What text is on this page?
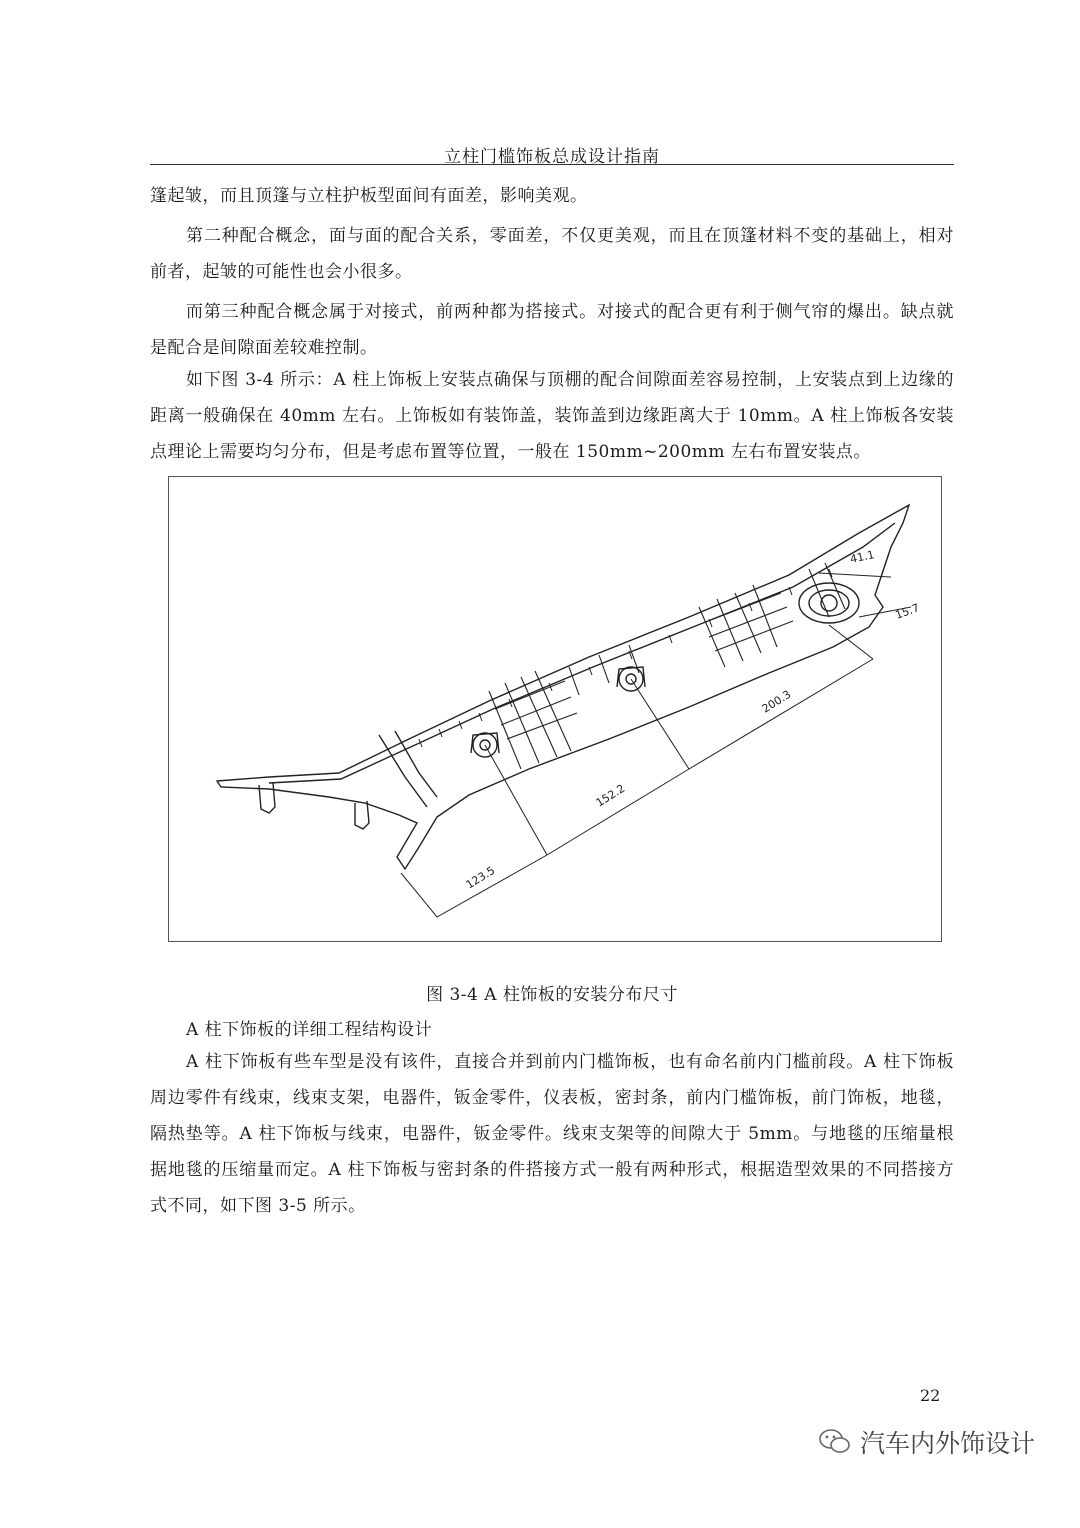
立柱门槛饰板总成设计指南

篷起皱，而且顶篷与立柱护板型面间有面差，影响美观。

第二种配合概念，面与面的配合关系，零面差，不仅更美观，而且在顶篷材料不变的基础上，相对前者，起皱的可能性也会小很多。

而第三种配合概念属于对接式，前两种都为搭接式。对接式的配合更有利于侧气帘的爆出。缺点就是配合是间隙面差较难控制。

如下图 3-4 所示：A 柱上饰板上安装点确保与顶棚的配合间隙面差容易控制，上安装点到上边缘的距离一般确保在 40mm 左右。上饰板如有装饰盖，装饰盖到边缘距离大于 10mm。A 柱上饰板各安装点理论上需要均匀分布，但是考虑布置等位置，一般在 150mm~200mm 左右布置安装点。

41.1
15.7
200.3
152.2
123.5
图 3-4 A 柱饰板的安装分布尺寸

A 柱下饰板的详细工程结构设计

A 柱下饰板有些车型是没有该件，直接合并到前内门槛饰板，也有命名前内门槛前段。A 柱下饰板周边零件有线束，线束支架，电器件，钣金零件，仪表板，密封条，前内门槛饰板，前门饰板，地毯，隔热垫等。A 柱下饰板与线束，电器件，钣金零件。线束支架等的间隙大于 5mm。与地毯的压缩量根据地毯的压缩量而定。A 柱下饰板与密封条的件搭接方式一般有两种形式，根据造型效果的不同搭接方式不同，如下图 3-5 所示。

22
汽车内外饰设计
